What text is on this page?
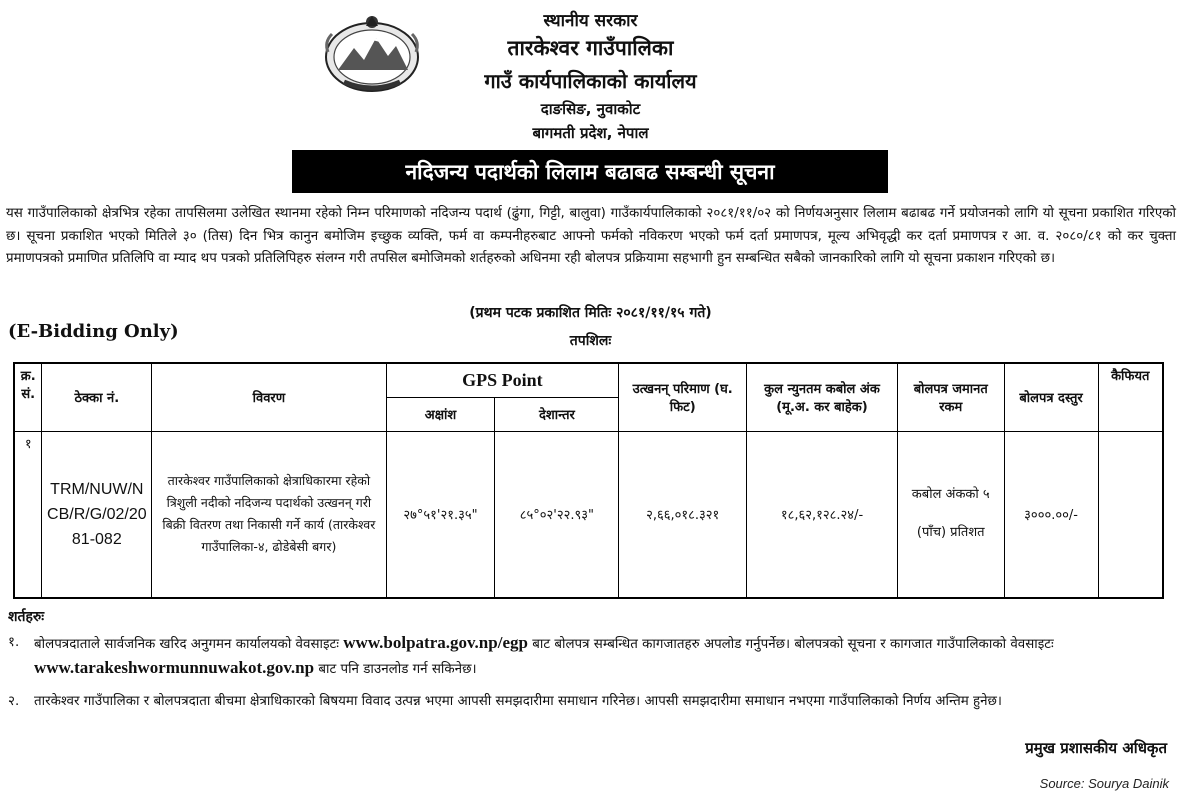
स्थानीय सरकार
तारकेश्वर गाउँपालिका
गाउँ कार्यपालिकाको कार्यालय
दाङसिङ, नुवाकोट
बागमती प्रदेश, नेपाल
नदिजन्य पदार्थको लिलाम बढाबढ सम्बन्धी सूचना
यस गाउँपालिकाको क्षेत्रभित्र रहेका तापसिलमा उलेखित स्थानमा रहेको निम्न परिमाणको नदिजन्य पदार्थ (ढुंगा, गिट्टी, बालुवा) गाउँकार्यपालिकाको २०८१/११/०२ को निर्णयअनुसार लिलाम बढाबढ गर्ने प्रयोजनको लागि यो सूचना प्रकाशित गरिएको छ। सूचना प्रकाशित भएको मितिले ३० (तिस) दिन भित्र कानुन बमोजिम इच्छुक व्यक्ति, फर्म वा कम्पनीहरुबाट आफ्नो फर्मको नविकरण भएको फर्म दर्ता प्रमाणपत्र, मूल्य अभिवृद्धी कर दर्ता प्रमाणपत्र र आ. व. २०८०/८१ को कर चुक्ता प्रमाणपत्रको प्रमाणित प्रतिलिपि वा म्याद थप पत्रको प्रतिलिपिहरु संलग्न गरी तपसिल बमोजिमको शर्तहरुको अधिनमा रही बोलपत्र प्रक्रियामा सहभागी हुन सम्बन्धित सबैको जानकारिको लागि यो सूचना प्रकाशन गरिएको छ।
(प्रथम पटक प्रकाशित मितिः २०८१/११/१५ गते)
(E-Bidding Only)	तपशिलः
क्र. सं.	ठेक्का नं.	विवरण	GPS Point		उत्खनन् परिमाण (घ. फिट)	कुल न्युनतम कबोल अंक (मू.अ. कर बाहेक)	बोलपत्र जमानत रकम	बोलपत्र दस्तुर	कैफियत
			अक्षांश	देशान्तर					
१	TRM/NUW/NCB/R/G/02/2081-082	तारकेश्वर गाउँपालिकाको क्षेत्राधिकारमा रहेको त्रिशुली नदीको नदिजन्य पदार्थको उत्खनन् गरी बिक्री वितरण तथा निकासी गर्ने कार्य (तारकेश्वर गाउँपालिका-४, ढोडेबेसी बगर)	२७°५१'२१.३५"	८५°०२'२२.९३"	२,६६,०१८.३२१	१८,६२,१२८.२४/-	कबोल अंकको ५ (पाँच) प्रतिशत	३०००.००/-	
शर्तहरुः
१. बोलपत्रदाताले सार्वजनिक खरिद अनुगमन कार्यालयको वेवसाइटः www.bolpatra.gov.np/egp बाट बोलपत्र सम्बन्धित कागजातहरु अपलोड गर्नुपर्नेछ। बोलपत्रको सूचना र कागजात गाउँपालिकाको वेवसाइटः www.tarakeshwormunnuwakot.gov.np बाट पनि डाउनलोड गर्न सकिनेछ।
२. तारकेश्वर गाउँपालिका र बोलपत्रदाता बीचमा क्षेत्राधिकारको बिषयमा विवाद उत्पन्न भएमा आपसी समझदारीमा समाधान गरिनेछ। आपसी समझदारीमा समाधान नभएमा गाउँपालिकाको निर्णय अन्तिम हुनेछ।
प्रमुख प्रशासकीय अधिकृत
Source: Sourya Dainik
